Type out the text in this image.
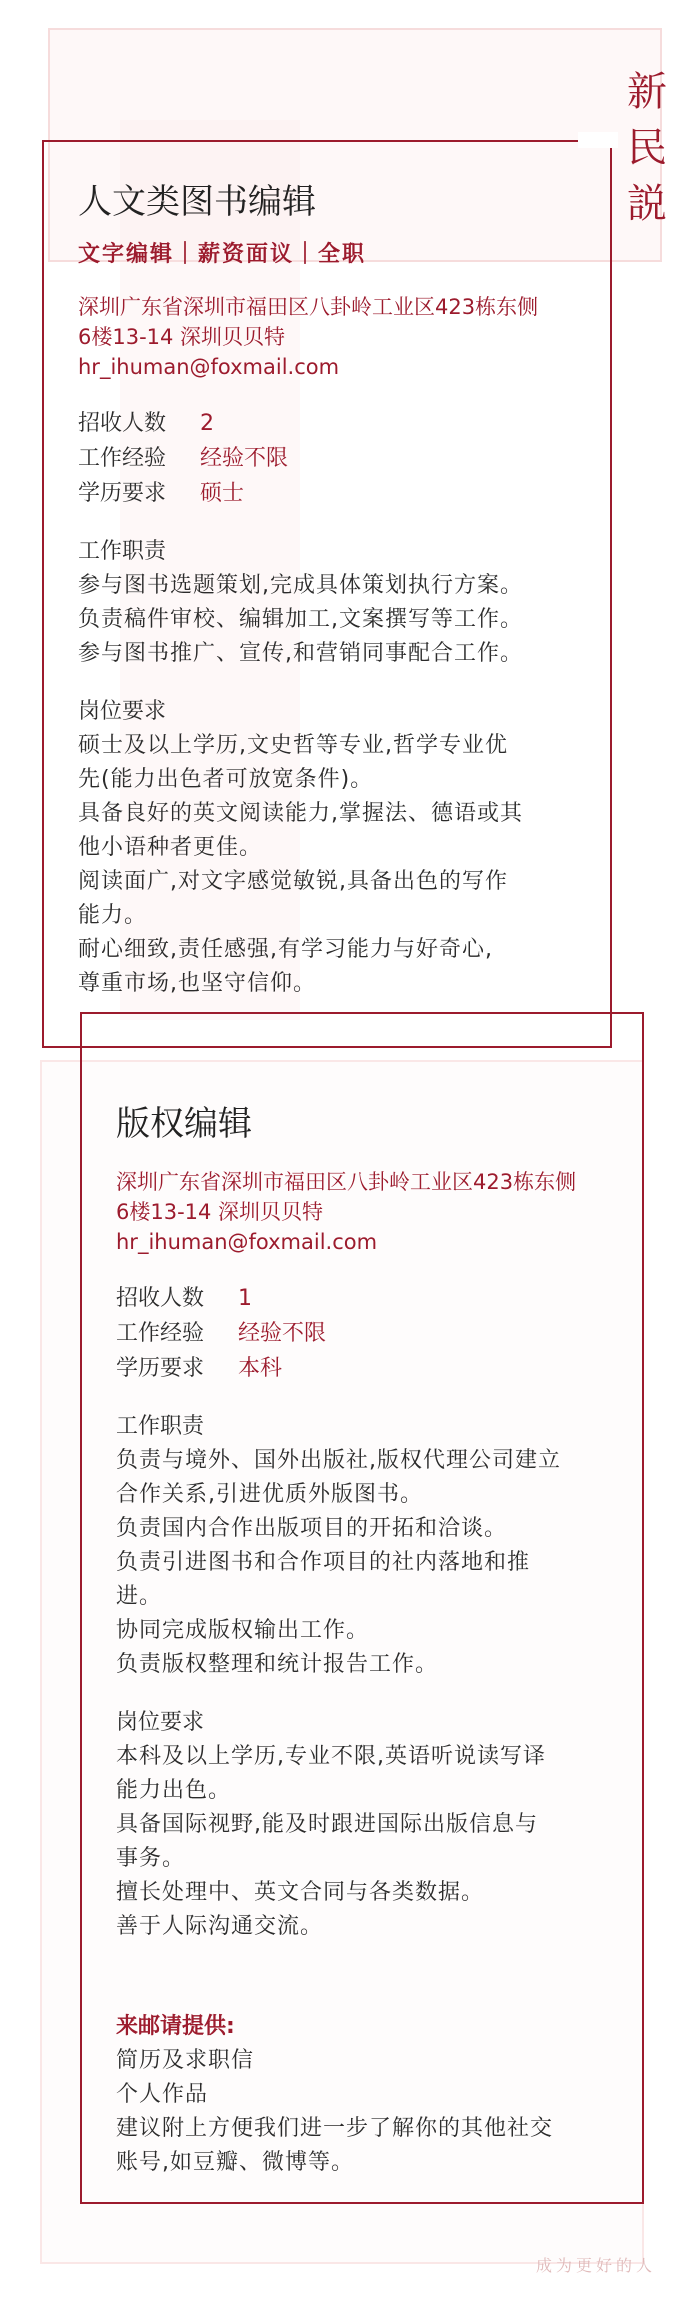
新
民
説
人文类图书编辑
文字编辑｜薪资面议｜全职
深圳广东省深圳市福田区八卦岭工业区423栋东侧
6楼13-14 深圳贝贝特
hr_ihuman@foxmail.com
招收人数 2
工作经验 经验不限
学历要求 硕士
工作职责
参与图书选题策划,完成具体策划执行方案。
负责稿件审校、编辑加工,文案撰写等工作。
参与图书推广、宣传,和营销同事配合工作。
岗位要求
硕士及以上学历,文史哲等专业,哲学专业优
先(能力出色者可放宽条件)。
具备良好的英文阅读能力,掌握法、德语或其
他小语种者更佳。
阅读面广,对文字感觉敏锐,具备出色的写作
能力。
耐心细致,责任感强,有学习能力与好奇心,
尊重市场,也坚守信仰。
版权编辑
深圳广东省深圳市福田区八卦岭工业区423栋东侧
6楼13-14 深圳贝贝特
hr_ihuman@foxmail.com
招收人数 1
工作经验 经验不限
学历要求 本科
工作职责
负责与境外、国外出版社,版权代理公司建立
合作关系,引进优质外版图书。
负责国内合作出版项目的开拓和洽谈。
负责引进图书和合作项目的社内落地和推
进。
协同完成版权输出工作。
负责版权整理和统计报告工作。
岗位要求
本科及以上学历,专业不限,英语听说读写译
能力出色。
具备国际视野,能及时跟进国际出版信息与
事务。
擅长处理中、英文合同与各类数据。
善于人际沟通交流。
来邮请提供:
简历及求职信
个人作品
建议附上方便我们进一步了解你的其他社交
账号,如豆瓣、微博等。
成为更好的人
